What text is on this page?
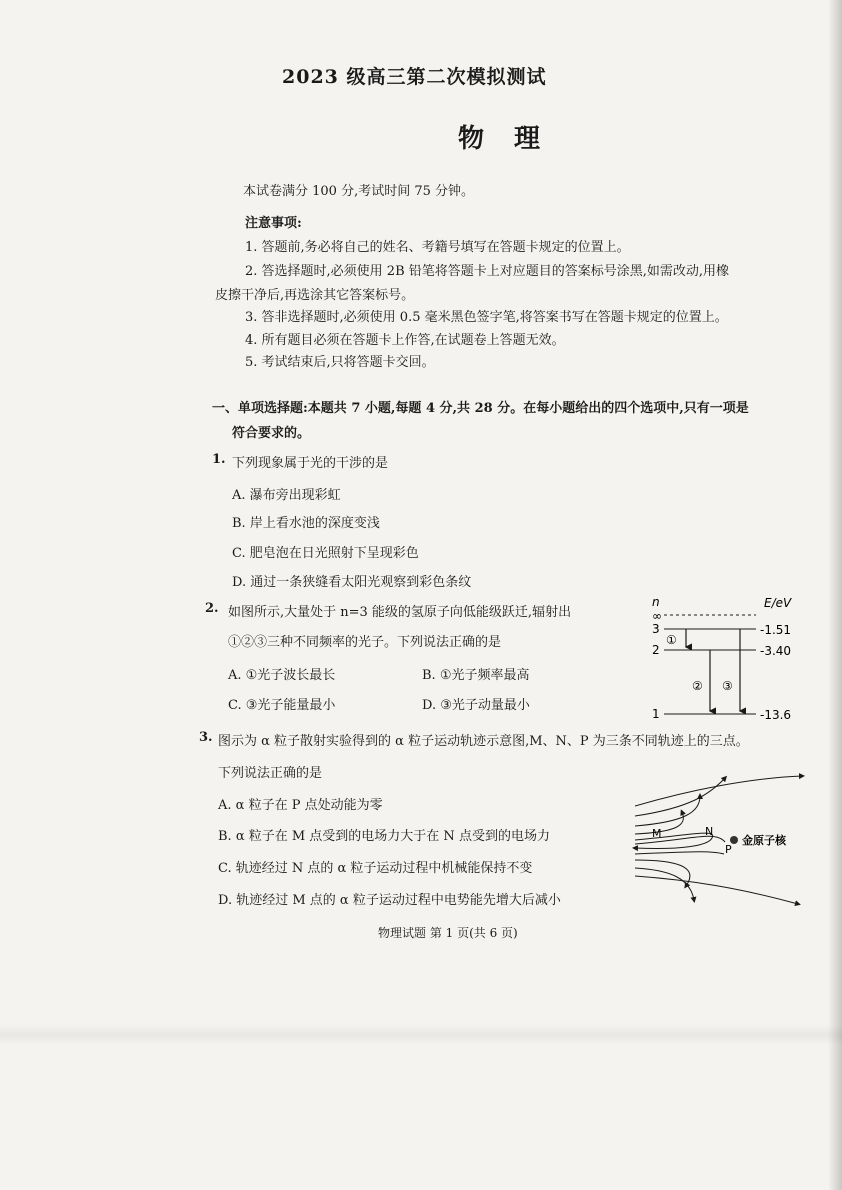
2023 级高三第二次模拟测试
物理
本试卷满分 100 分,考试时间 75 分钟。
注意事项:
1. 答题前,务必将自己的姓名、考籍号填写在答题卡规定的位置上。
2. 答选择题时,必须使用 2B 铅笔将答题卡上对应题目的答案标号涂黑,如需改动,用橡
皮擦干净后,再选涂其它答案标号。
3. 答非选择题时,必须使用 0.5 毫米黑色签字笔,将答案书写在答题卡规定的位置上。
4. 所有题目必须在答题卡上作答,在试题卷上答题无效。
5. 考试结束后,只将答题卡交回。
一、单项选择题:本题共 7 小题,每题 4 分,共 28 分。在每小题给出的四个选项中,只有一项是
符合要求的。
1. 下列现象属于光的干涉的是
A. 瀑布旁出现彩虹
B. 岸上看水池的深度变浅
C. 肥皂泡在日光照射下呈现彩色
D. 通过一条狭缝看太阳光观察到彩色条纹
2. 如图所示,大量处于 n=3 能级的氢原子向低能级跃迁,辐射出
①②③三种不同频率的光子。下列说法正确的是
A. ①光子波长最长	B. ①光子频率最高
C. ③光子能量最小	D. ③光子动量最小
n	E/eV
∞
3	-1.51
2	-3.40
1	-13.6
①
② ③
3. 图示为 α 粒子散射实验得到的 α 粒子运动轨迹示意图,M、N、P 为三条不同轨迹上的三点。
下列说法正确的是
A. α 粒子在 P 点处动能为零
B. α 粒子在 M 点受到的电场力大于在 N 点受到的电场力
C. 轨迹经过 N 点的 α 粒子运动过程中机械能保持不变
D. 轨迹经过 M 点的 α 粒子运动过程中电势能先增大后减小
M	N
P
金原子核
物理试题 第 1 页(共 6 页)
